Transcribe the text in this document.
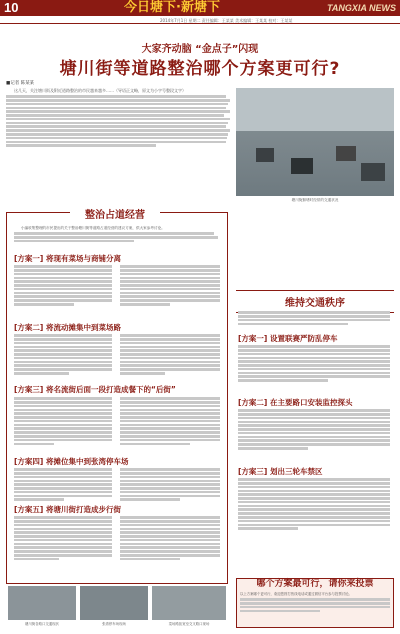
10	今日塘下·新塘下	TANGXIA NEWS
2014年7月1日 星期二 责任编辑：王某某 美术编辑：王某某 校对：王某某
大家齐动脑 “金点子”闪现
塘川街等道路整治哪个方案更可行?
■记者 陈某某
这几天，关注塘川街及附近道路整治的市民越来越多……（导语正文略，原文为小字号整段文字）
塘川街拥堵时经常的交通状况
整治占道经营
小编收集整理的市民提出的关于整治塘川街等道路占道经营的建议方案，供大家参考讨论。
[方案一] 将现有菜场与商铺分离
[方案二] 将流动摊集中到菜场路
[方案三] 将名流街后面一段打造成餐下的“后街”
[方案四] 将摊位集中到张湾停车场
[方案五] 将塘川街打造成步行街
维持交通秩序
[方案一] 设置联赛严防乱停车
[方案二] 在主要路口安装监控探头
[方案三] 划出三轮车禁区
哪个方案最可行，请你来投票
以上方案哪个更可行，欢迎您拨打热线电话或通过微信平台参与投票讨论。
塘川街各路口交通现状	张湾停车场现场	菜场路拓宽至交叉路口现场
